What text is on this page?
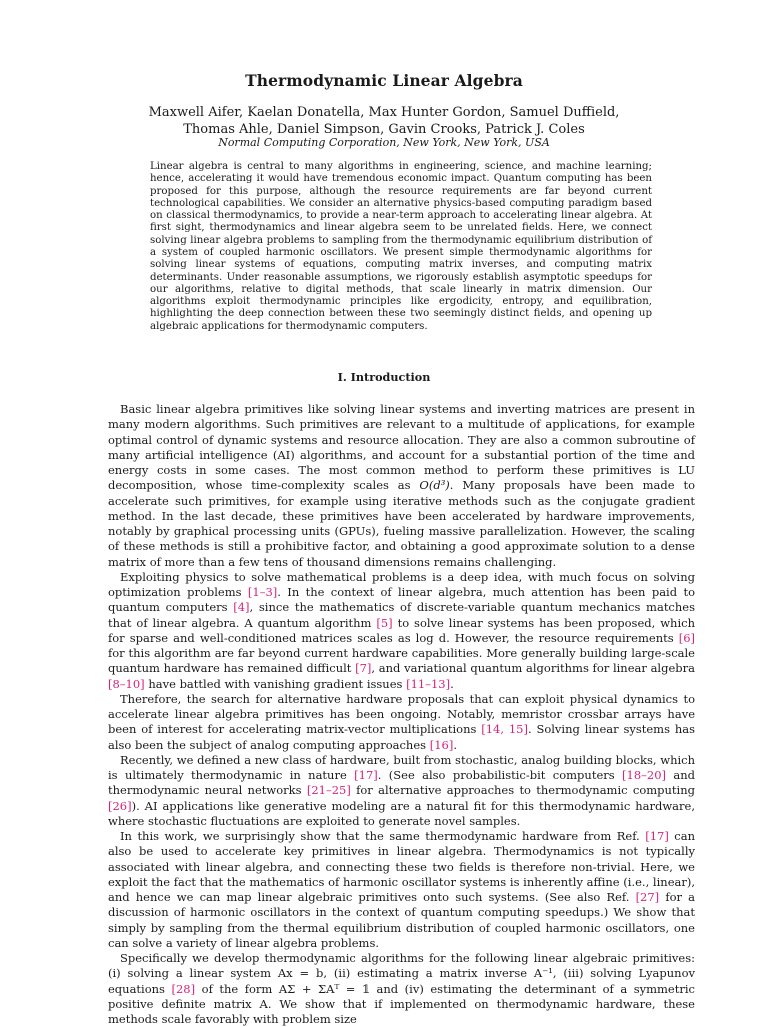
Thermodynamic Linear Algebra
Maxwell Aifer, Kaelan Donatella, Max Hunter Gordon, Samuel Duffield,
Thomas Ahle, Daniel Simpson, Gavin Crooks, Patrick J. Coles
Normal Computing Corporation, New York, New York, USA

Linear algebra is central to many algorithms in engineering, science, and machine learning; hence, accelerating it would have tremendous economic impact. Quantum computing has been proposed for this purpose, although the resource requirements are far beyond current technological capabilities. We consider an alternative physics-based computing paradigm based on classical thermodynamics, to provide a near-term approach to accelerating linear algebra. At first sight, thermodynamics and linear algebra seem to be unrelated fields. Here, we connect solving linear algebra problems to sampling from the thermodynamic equilibrium distribution of a system of coupled harmonic oscillators. We present simple thermodynamic algorithms for solving linear systems of equations, computing matrix inverses, and computing matrix determinants. Under reasonable assumptions, we rigorously establish asymptotic speedups for our algorithms, relative to digital methods, that scale linearly in matrix dimension. Our algorithms exploit thermodynamic principles like ergodicity, entropy, and equilibration, highlighting the deep connection between these two seemingly distinct fields, and opening up algebraic applications for thermodynamic computers.

I. Introduction

Basic linear algebra primitives like solving linear systems and inverting matrices are present in many modern algorithms. Such primitives are relevant to a multitude of applications, for example optimal control of dynamic systems and resource allocation. They are also a common subroutine of many artificial intelligence (AI) algorithms, and account for a substantial portion of the time and energy costs in some cases. The most common method to perform these primitives is LU decomposition, whose time-complexity scales as O(d³). Many proposals have been made to accelerate such primitives, for example using iterative methods such as the conjugate gradient method. In the last decade, these primitives have been accelerated by hardware improvements, notably by graphical processing units (GPUs), fueling massive parallelization. However, the scaling of these methods is still a prohibitive factor, and obtaining a good approximate solution to a dense matrix of more than a few tens of thousand dimensions remains challenging.

Exploiting physics to solve mathematical problems is a deep idea, with much focus on solving optimization problems [1–3]. In the context of linear algebra, much attention has been paid to quantum computers [4], since the mathematics of discrete-variable quantum mechanics matches that of linear algebra. A quantum algorithm [5] to solve linear systems has been proposed, which for sparse and well-conditioned matrices scales as log d. However, the resource requirements [6] for this algorithm are far beyond current hardware capabilities. More generally building large-scale quantum hardware has remained difficult [7], and variational quantum algorithms for linear algebra [8–10] have battled with vanishing gradient issues [11–13].

Therefore, the search for alternative hardware proposals that can exploit physical dynamics to accelerate linear algebra primitives has been ongoing. Notably, memristor crossbar arrays have been of interest for accelerating matrix-vector multiplications [14, 15]. Solving linear systems has also been the subject of analog computing approaches [16].

Recently, we defined a new class of hardware, built from stochastic, analog building blocks, which is ultimately thermodynamic in nature [17]. (See also probabilistic-bit computers [18–20] and thermodynamic neural networks [21–25] for alternative approaches to thermodynamic computing [26]). AI applications like generative modeling are a natural fit for this thermodynamic hardware, where stochastic fluctuations are exploited to generate novel samples.

In this work, we surprisingly show that the same thermodynamic hardware from Ref. [17] can also be used to accelerate key primitives in linear algebra. Thermodynamics is not typically associated with linear algebra, and connecting these two fields is therefore non-trivial. Here, we exploit the fact that the mathematics of harmonic oscillator systems is inherently affine (i.e., linear), and hence we can map linear algebraic primitives onto such systems. (See also Ref. [27] for a discussion of harmonic oscillators in the context of quantum computing speedups.) We show that simply by sampling from the thermal equilibrium distribution of coupled harmonic oscillators, one can solve a variety of linear algebra problems.

Specifically we develop thermodynamic algorithms for the following linear algebraic primitives: (i) solving a linear system Ax = b, (ii) estimating a matrix inverse A⁻¹, (iii) solving Lyapunov equations [28] of the form AΣ + ΣAᵀ = 𝟙 and (iv) estimating the determinant of a symmetric positive definite matrix A. We show that if implemented on thermodynamic hardware, these methods scale favorably with problem size
